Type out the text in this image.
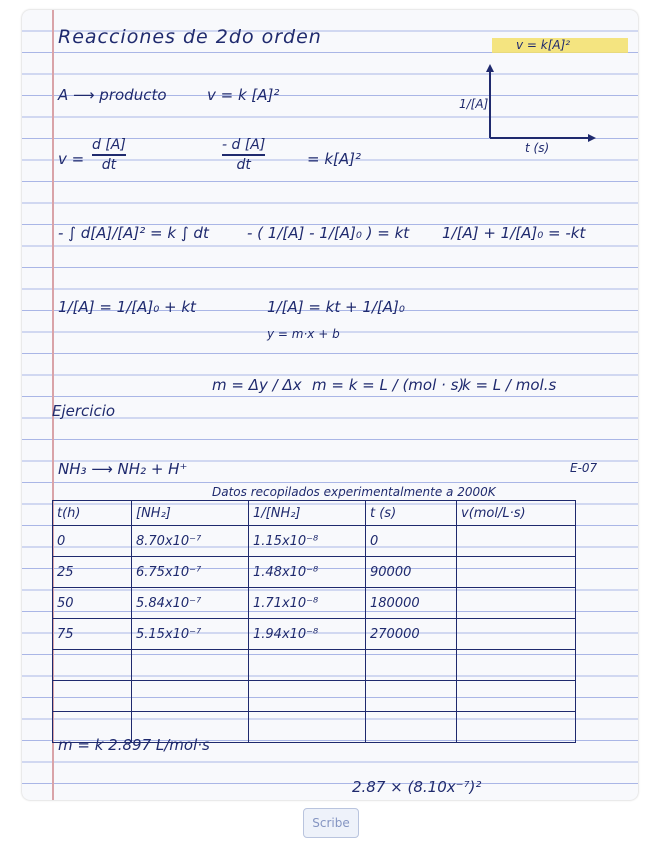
Reacciones de 2do orden	v = k[A]²
A ⟶ producto	v = k [A]²	1/[A]
t (s)
v =
d [A]
dt
- d [A]
dt	= k[A]²
- ∫ d[A]/[A]² = k ∫ dt	- ( 1/[A] - 1/[A]₀ ) = kt 1/[A] + 1/[A]₀ = -kt
1/[A] = 1/[A]₀ + kt	1/[A] = kt + 1/[A]₀
y = m·x + b
m = Δy / Δx m = k = L / (mol · s)
k = L / mol.s
Ejercicio
NH₃ ⟶ NH₂ + H⁺	E-07
Datos recopilados experimentalmente a 2000K
t(h)	[NH₂]	1/[NH₂]	t (s)	v(mol/L·s)
0	8.70x10⁻⁷	1.15x10⁻⁸	0	
25	6.75x10⁻⁷	1.48x10⁻⁸	90000	
50	5.84x10⁻⁷	1.71x10⁻⁸	180000	
75	5.15x10⁻⁷	1.94x10⁻⁸	270000	

m = k 2.897 L/mol·s
2.87 × (8.10x⁻⁷)²
Scribe
